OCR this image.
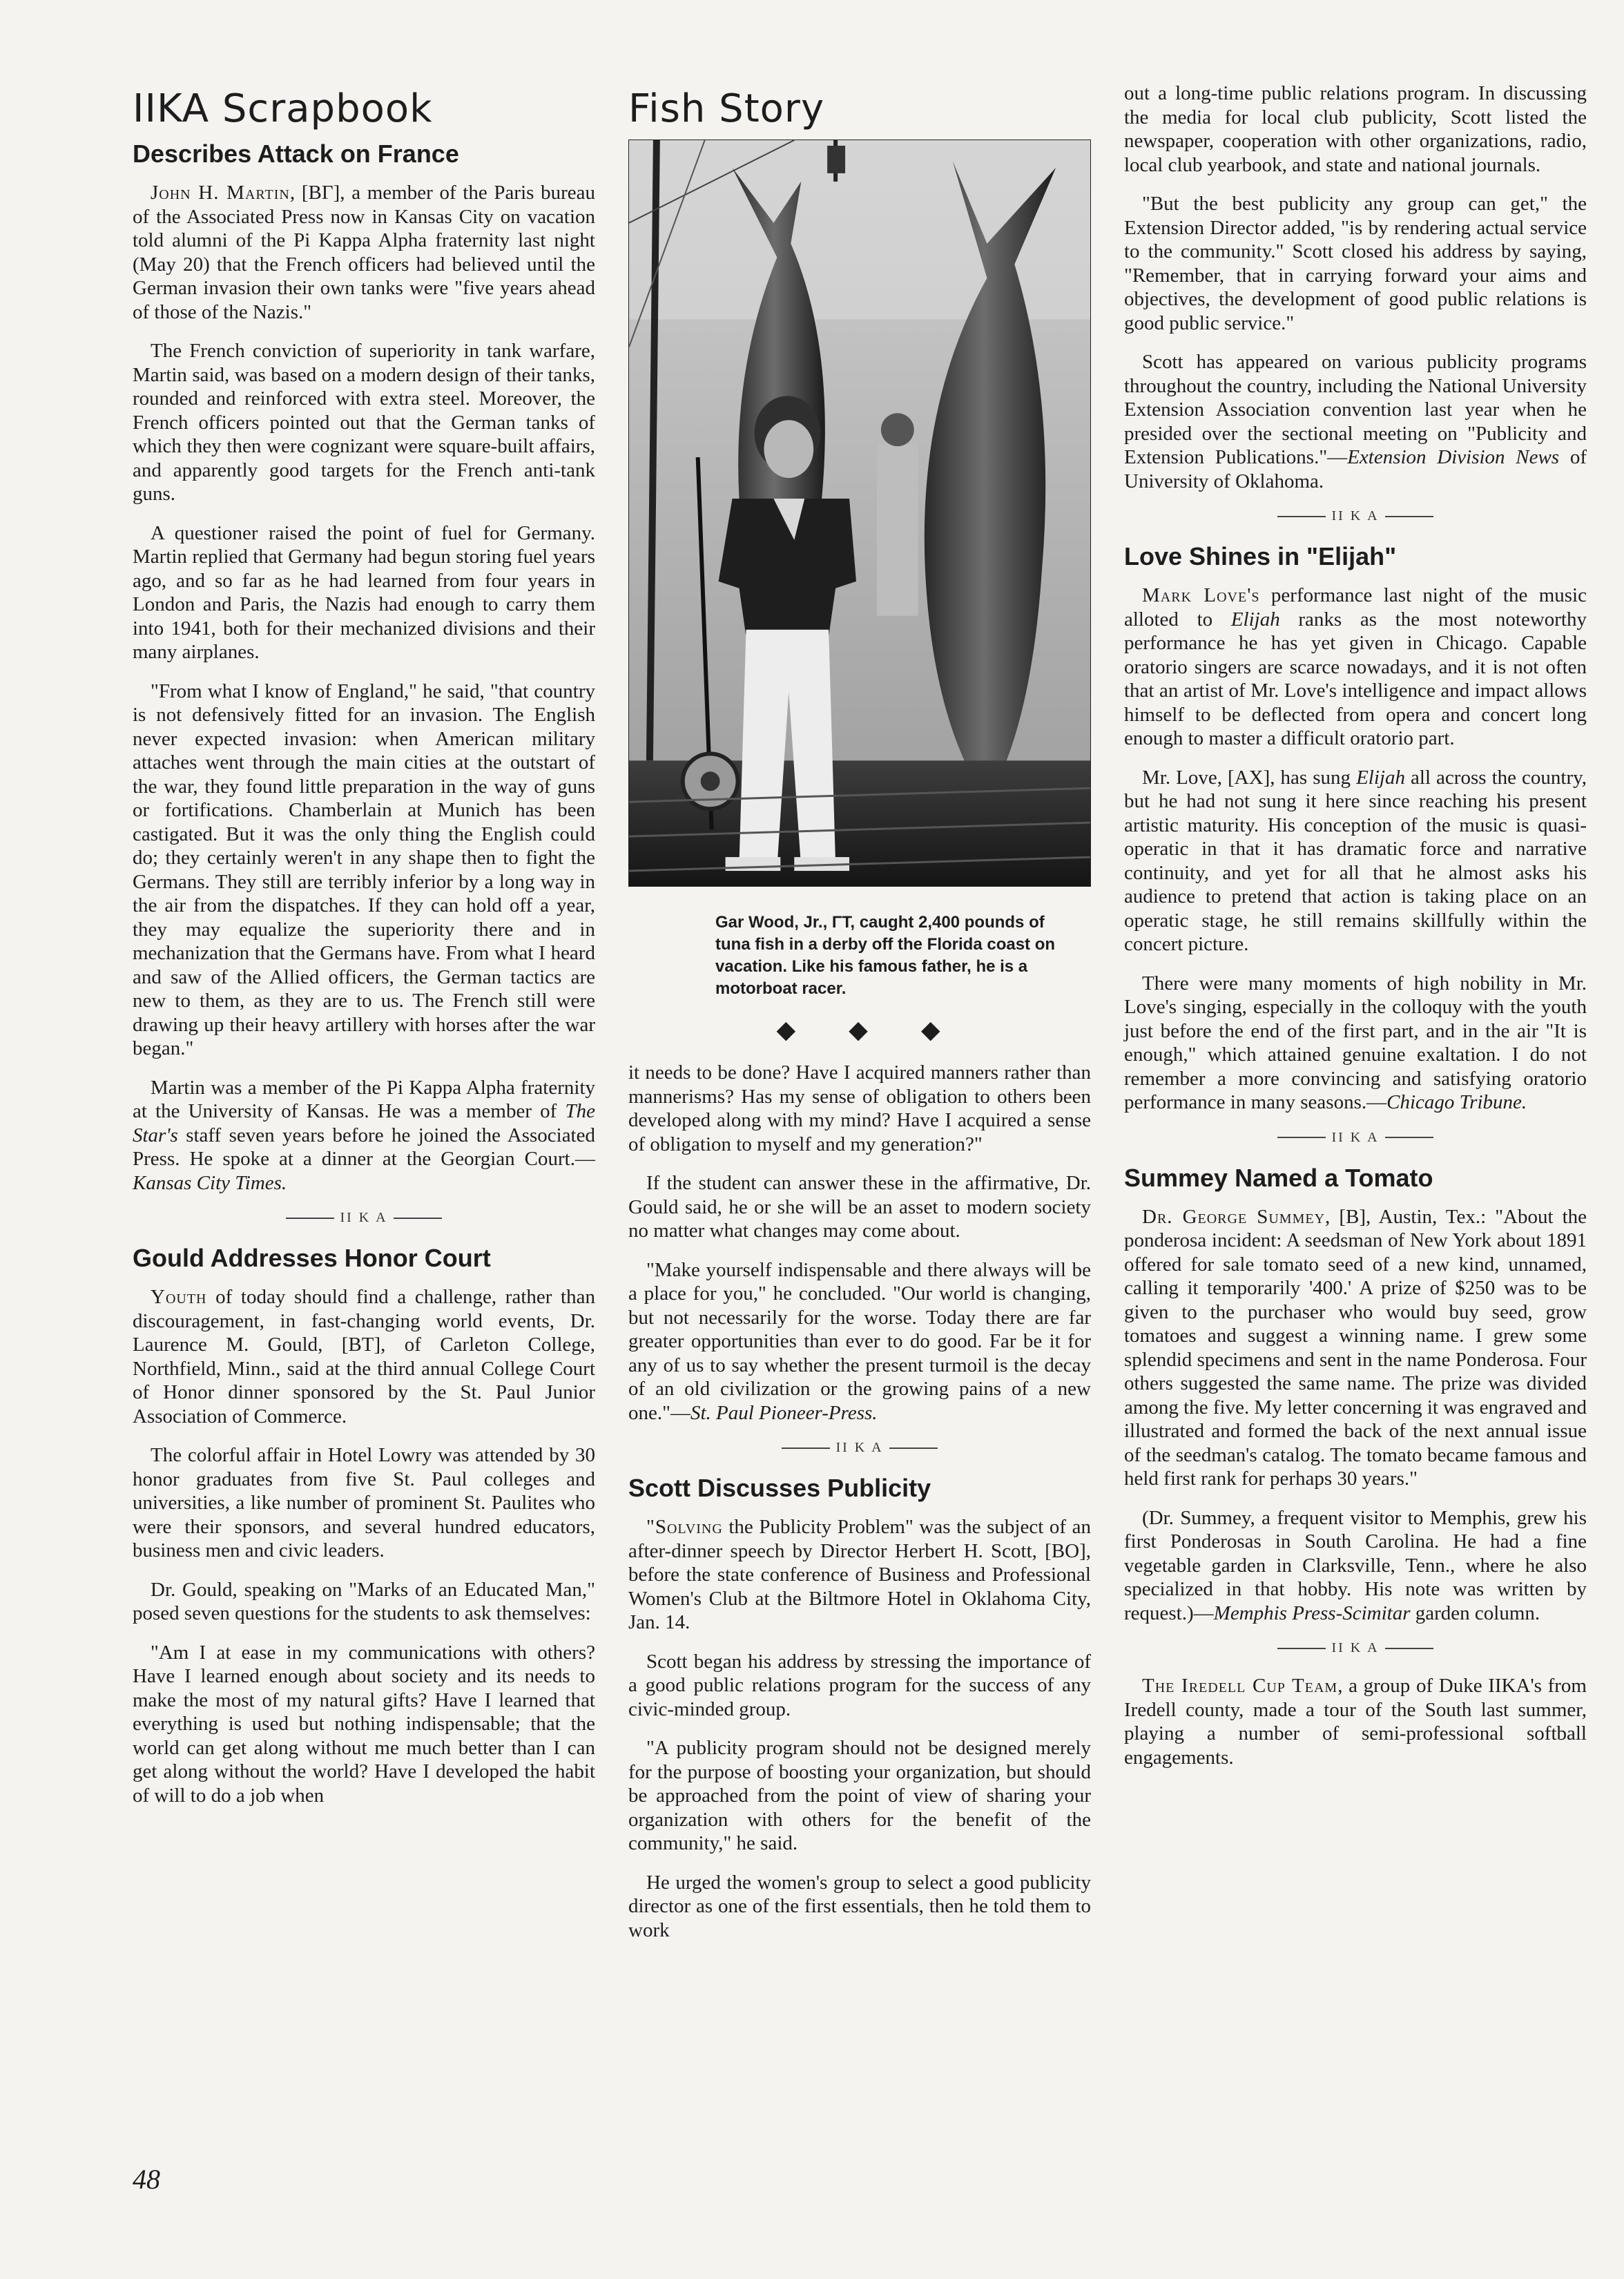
IIKA Scrapbook
Describes Attack on France

John H. Martin, [BΓ], a member of the Paris bureau of the Associated Press now in Kansas City on vacation told alumni of the Pi Kappa Alpha fraternity last night (May 20) that the French officers had believed until the German invasion their own tanks were "five years ahead of those of the Nazis."

The French conviction of superiority in tank warfare, Martin said, was based on a modern design of their tanks, rounded and reinforced with extra steel. Moreover, the French officers pointed out that the German tanks of which they then were cognizant were square-built affairs, and apparently good targets for the French anti-tank guns.

A questioner raised the point of fuel for Germany. Martin replied that Germany had begun storing fuel years ago, and so far as he had learned from four years in London and Paris, the Nazis had enough to carry them into 1941, both for their mechanized divisions and their many airplanes.

"From what I know of England," he said, "that country is not defensively fitted for an invasion. The English never expected invasion: when American military attaches went through the main cities at the outstart of the war, they found little preparation in the way of guns or fortifications. Chamberlain at Munich has been castigated. But it was the only thing the English could do; they certainly weren't in any shape then to fight the Germans. They still are terribly inferior by a long way in the air from the dispatches. If they can hold off a year, they may equalize the superiority there and in mechanization that the Germans have. From what I heard and saw of the Allied officers, the German tactics are new to them, as they are to us. The French still were drawing up their heavy artillery with horses after the war began."

Martin was a member of the Pi Kappa Alpha fraternity at the University of Kansas. He was a member of The Star's staff seven years before he joined the Associated Press. He spoke at a dinner at the Georgian Court.—Kansas City Times.

II K A
Gould Addresses Honor Court

Youth of today should find a challenge, rather than discouragement, in fast-changing world events, Dr. Laurence M. Gould, [BT], of Carleton College, Northfield, Minn., said at the third annual College Court of Honor dinner sponsored by the St. Paul Junior Association of Commerce.

The colorful affair in Hotel Lowry was attended by 30 honor graduates from five St. Paul colleges and universities, a like number of prominent St. Paulites who were their sponsors, and several hundred educators, business men and civic leaders.

Dr. Gould, speaking on "Marks of an Educated Man," posed seven questions for the students to ask themselves:

"Am I at ease in my communications with others? Have I learned enough about society and its needs to make the most of my natural gifts? Have I learned that everything is used but nothing indispensable; that the world can get along without me much better than I can get along without the world? Have I developed the habit of will to do a job when

Fish Story
Gar Wood, Jr., ΓT, caught 2,400 pounds of tuna fish in a derby off the Florida coast on vacation. Like his famous father, he is a motorboat racer.
◆ ◆ ◆

it needs to be done? Have I acquired manners rather than mannerisms? Has my sense of obligation to others been developed along with my mind? Have I acquired a sense of obligation to myself and my generation?"

If the student can answer these in the affirmative, Dr. Gould said, he or she will be an asset to modern society no matter what changes may come about.

"Make yourself indispensable and there always will be a place for you," he concluded. "Our world is changing, but not necessarily for the worse. Today there are far greater opportunities than ever to do good. Far be it for any of us to say whether the present turmoil is the decay of an old civilization or the growing pains of a new one."—St. Paul Pioneer-Press.

II K A
Scott Discusses Publicity

"Solving the Publicity Problem" was the subject of an after-dinner speech by Director Herbert H. Scott, [BO], before the state conference of Business and Professional Women's Club at the Biltmore Hotel in Oklahoma City, Jan. 14.

Scott began his address by stressing the importance of a good public relations program for the success of any civic-minded group.

"A publicity program should not be designed merely for the purpose of boosting your organization, but should be approached from the point of view of sharing your organization with others for the benefit of the community," he said.

He urged the women's group to select a good publicity director as one of the first essentials, then he told them to work

out a long-time public relations program. In discussing the media for local club publicity, Scott listed the newspaper, cooperation with other organizations, radio, local club yearbook, and state and national journals.

"But the best publicity any group can get," the Extension Director added, "is by rendering actual service to the community." Scott closed his address by saying, "Remember, that in carrying forward your aims and objectives, the development of good public relations is good public service."

Scott has appeared on various publicity programs throughout the country, including the National University Extension Association convention last year when he presided over the sectional meeting on "Publicity and Extension Publications."—Extension Division News of University of Oklahoma.

II K A
Love Shines in "Elijah"

Mark Love's performance last night of the music alloted to Elijah ranks as the most noteworthy performance he has yet given in Chicago. Capable oratorio singers are scarce nowadays, and it is not often that an artist of Mr. Love's intelligence and impact allows himself to be deflected from opera and concert long enough to master a difficult oratorio part.

Mr. Love, [AX], has sung Elijah all across the country, but he had not sung it here since reaching his present artistic maturity. His conception of the music is quasi-operatic in that it has dramatic force and narrative continuity, and yet for all that he almost asks his audience to pretend that action is taking place on an operatic stage, he still remains skillfully within the concert picture.

There were many moments of high nobility in Mr. Love's singing, especially in the colloquy with the youth just before the end of the first part, and in the air "It is enough," which attained genuine exaltation. I do not remember a more convincing and satisfying oratorio performance in many seasons.—Chicago Tribune.

II K A
Summey Named a Tomato

Dr. George Summey, [B], Austin, Tex.: "About the ponderosa incident: A seedsman of New York about 1891 offered for sale tomato seed of a new kind, unnamed, calling it temporarily '400.' A prize of $250 was to be given to the purchaser who would buy seed, grow tomatoes and suggest a winning name. I grew some splendid specimens and sent in the name Ponderosa. Four others suggested the same name. The prize was divided among the five. My letter concerning it was engraved and illustrated and formed the back of the next annual issue of the seedman's catalog. The tomato became famous and held first rank for perhaps 30 years."

(Dr. Summey, a frequent visitor to Memphis, grew his first Ponderosas in South Carolina. He had a fine vegetable garden in Clarksville, Tenn., where he also specialized in that hobby. His note was written by request.)—Memphis Press-Scimitar garden column.

II K A

The Iredell Cup Team, a group of Duke IIKA's from Iredell county, made a tour of the South last summer, playing a number of semi-professional softball engagements.

48
